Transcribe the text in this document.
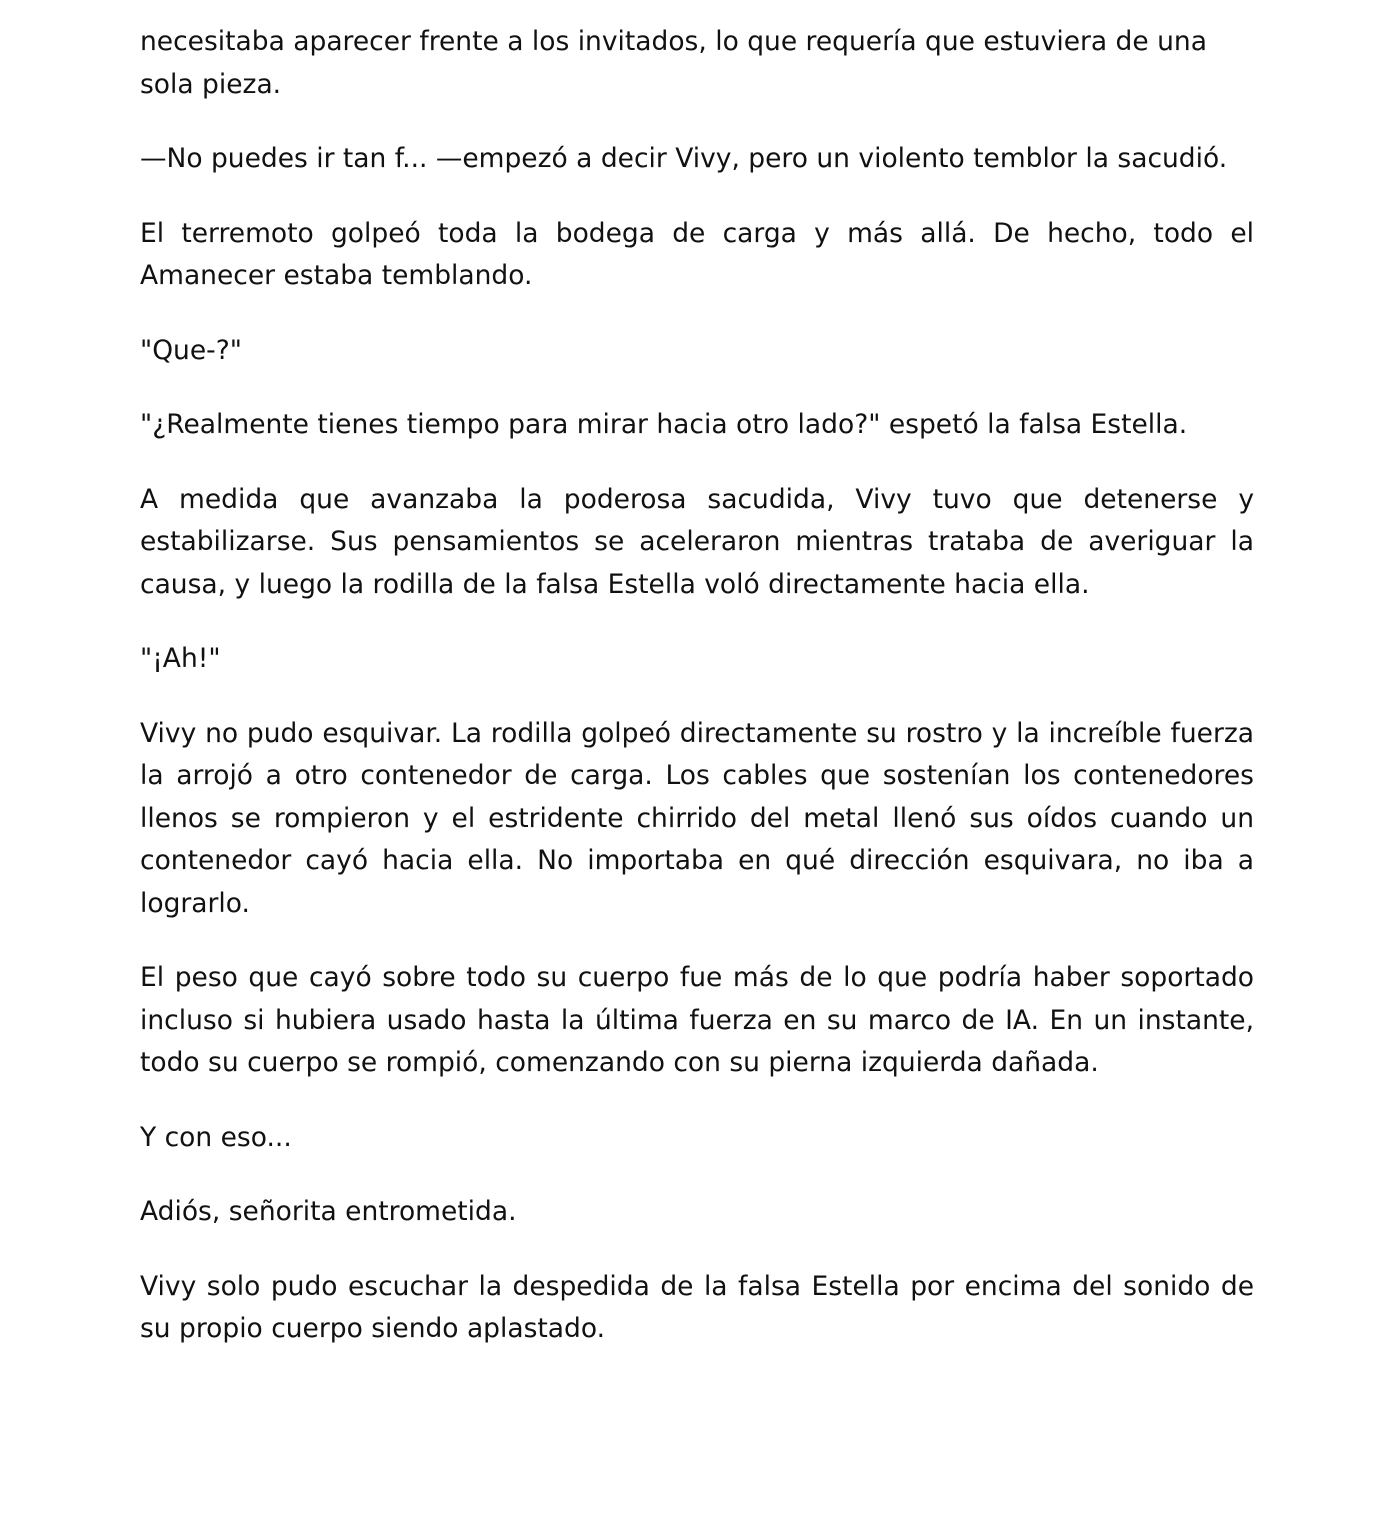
necesitaba aparecer frente a los invitados, lo que requería que estuviera de una sola pieza.

—No puedes ir tan f... —empezó a decir Vivy, pero un violento temblor la sacudió.

El terremoto golpeó toda la bodega de carga y más allá. De hecho, todo el Amanecer estaba temblando.

"Que-?"

"¿Realmente tienes tiempo para mirar hacia otro lado?" espetó la falsa Estella.

A medida que avanzaba la poderosa sacudida, Vivy tuvo que detenerse y estabilizarse. Sus pensamientos se aceleraron mientras trataba de averiguar la causa, y luego la rodilla de la falsa Estella voló directamente hacia ella.

"¡Ah!"

Vivy no pudo esquivar. La rodilla golpeó directamente su rostro y la increíble fuerza la arrojó a otro contenedor de carga. Los cables que sostenían los contenedores llenos se rompieron y el estridente chirrido del metal llenó sus oídos cuando un contenedor cayó hacia ella. No importaba en qué dirección esquivara, no iba a lograrlo.

El peso que cayó sobre todo su cuerpo fue más de lo que podría haber soportado incluso si hubiera usado hasta la última fuerza en su marco de IA. En un instante, todo su cuerpo se rompió, comenzando con su pierna izquierda dañada.

Y con eso...

Adiós, señorita entrometida.

Vivy solo pudo escuchar la despedida de la falsa Estella por encima del sonido de su propio cuerpo siendo aplastado.
